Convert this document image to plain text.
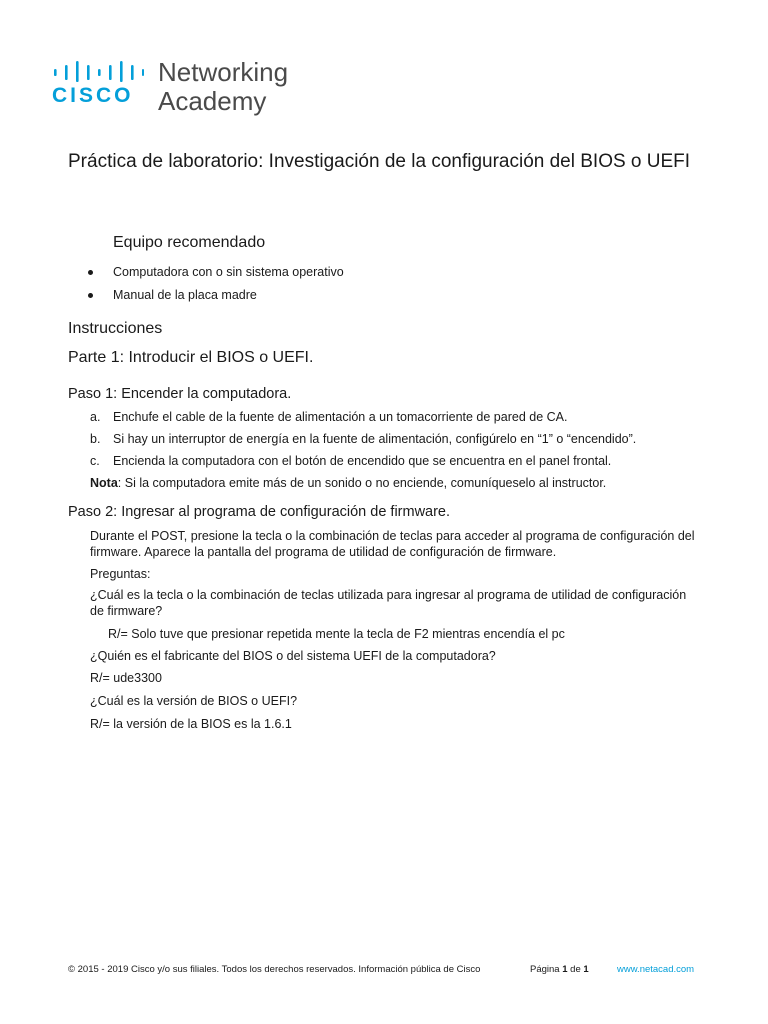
CISCO
Networking
Academy
Práctica de laboratorio: Investigación de la configuración del BIOS o UEFI
Equipo recomendado
Computadora con o sin sistema operativo
Manual de la placa madre
Instrucciones
Parte 1: Introducir el BIOS o UEFI.
Paso 1: Encender la computadora.
a. Enchufe el cable de la fuente de alimentación a un tomacorriente de pared de CA.
b. Si hay un interruptor de energía en la fuente de alimentación, configúrelo en “1” o “encendido”.
c. Encienda la computadora con el botón de encendido que se encuentra en el panel frontal.
Nota: Si la computadora emite más de un sonido o no enciende, comuníqueselo al instructor.
Paso 2: Ingresar al programa de configuración de firmware.
Durante el POST, presione la tecla o la combinación de teclas para acceder al programa de configuración del firmware. Aparece la pantalla del programa de utilidad de configuración de firmware.
Preguntas:
¿Cuál es la tecla o la combinación de teclas utilizada para ingresar al programa de utilidad de configuración de firmware?
R/= Solo tuve que presionar repetida mente la tecla de F2 mientras encendía el pc
¿Quién es el fabricante del BIOS o del sistema UEFI de la computadora?
R/= ude3300
¿Cuál es la versión de BIOS o UEFI?
R/= la versión de la BIOS es la 1.6.1
© 2015 - 2019 Cisco y/o sus filiales. Todos los derechos reservados. Información pública de Cisco	Página 1 de 1	www.netacad.com
